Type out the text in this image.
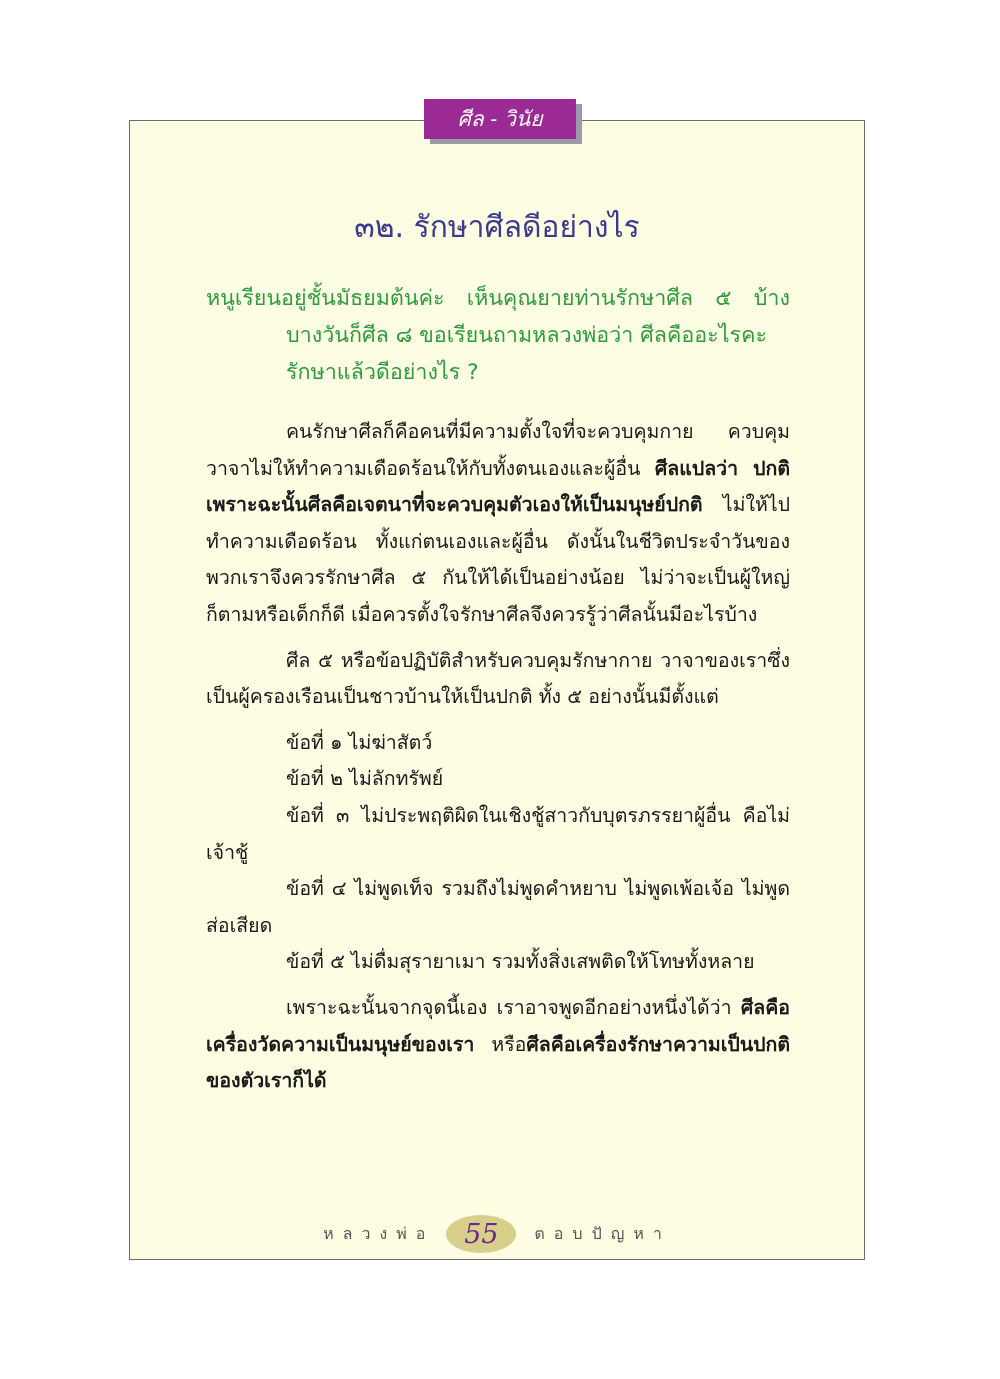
ศีล - วินัย
๓๒. รักษาศีลดีอย่างไร
หนูเรียนอยู่ชั้นมัธยมต้นค่ะ เห็นคุณยายท่านรักษาศีล ๕ บ้าง
บางวันก็ศีล ๘ ขอเรียนถามหลวงพ่อว่า ศีลคืออะไรคะ
รักษาแล้วดีอย่างไร ?

คนรักษาศีลก็คือคนที่มีความตั้งใจที่จะควบคุมกาย ควบคุมวาจาไม่ให้ทำความเดือดร้อนให้กับทั้งตนเองและผู้อื่น ศีลแปลว่า ปกติ เพราะฉะนั้นศีลคือเจตนาที่จะควบคุมตัวเองให้เป็นมนุษย์ปกติ ไม่ให้ไปทำความเดือดร้อน ทั้งแก่ตนเองและผู้อื่น ดังนั้นในชีวิตประจำวันของพวกเราจึงควรรักษาศีล ๕ กันให้ได้เป็นอย่างน้อย ไม่ว่าจะเป็นผู้ใหญ่ก็ตามหรือเด็กก็ดี เมื่อควรตั้งใจรักษาศีลจึงควรรู้ว่าศีลนั้นมีอะไรบ้าง

ศีล ๕ หรือข้อปฏิบัติสำหรับควบคุมรักษากาย วาจาของเราซึ่งเป็นผู้ครองเรือนเป็นชาวบ้านให้เป็นปกติ ทั้ง ๕ อย่างนั้นมีตั้งแต่

ข้อที่ ๑ ไม่ฆ่าสัตว์

ข้อที่ ๒ ไม่ลักทรัพย์

ข้อที่ ๓ ไม่ประพฤติผิดในเชิงชู้สาวกับบุตรภรรยาผู้อื่น คือไม่เจ้าชู้

ข้อที่ ๔ ไม่พูดเท็จ รวมถึงไม่พูดคำหยาบ ไม่พูดเพ้อเจ้อ ไม่พูดส่อเสียด

ข้อที่ ๕ ไม่ดื่มสุรายาเมา รวมทั้งสิ่งเสพติดให้โทษทั้งหลาย

เพราะฉะนั้นจากจุดนี้เอง เราอาจพูดอีกอย่างหนึ่งได้ว่า ศีลคือเครื่องวัดความเป็นมนุษย์ของเรา หรือศีลคือเครื่องรักษาความเป็นปกติของตัวเราก็ได้

หลวงพ่อ 55 ตอบปัญหา
